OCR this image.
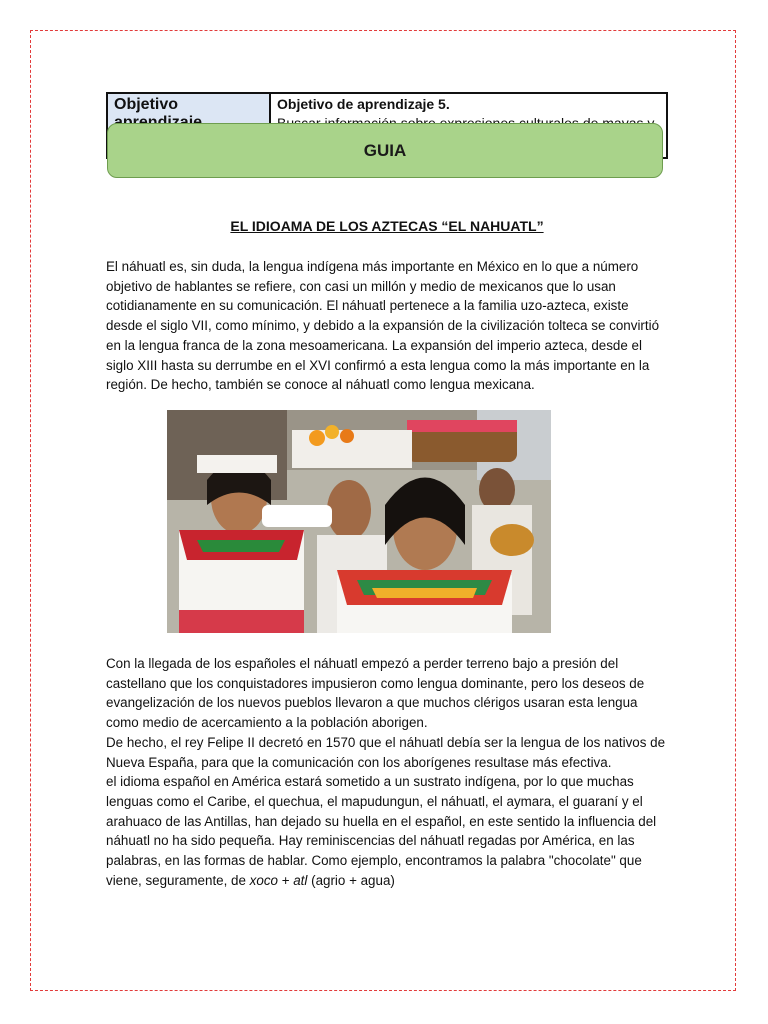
Objetivo	Objetivo de aprendizaje 5.
GUIA
EL IDIOAMA DE LOS AZTECAS “EL NAHUATL”

El náhuatl es, sin duda, la lengua indígena más importante en México en lo que a número objetivo de hablantes se refiere, con casi un millón y medio de mexicanos que lo usan cotidianamente en su comunicación. El náhuatl pertenece a la familia uzo-azteca, existe desde el siglo VII, como mínimo, y debido a la expansión de la civilización tolteca se convirtió en la lengua franca de la zona mesoamericana. La expansión del imperio azteca, desde el siglo XIII hasta su derrumbe en el XVI confirmó a esta lengua como la más importante en la región. De hecho, también se conoce al náhuatl como lengua mexicana.

Con la llegada de los españoles el náhuatl empezó a perder terreno bajo a presión del castellano que los conquistadores impusieron como lengua dominante, pero los deseos de evangelización de los nuevos pueblos llevaron a que muchos clérigos usaran esta lengua como medio de acercamiento a la población aborigen.
De hecho, el rey Felipe II decretó en 1570 que el náhuatl debía ser la lengua de los nativos de Nueva España, para que la comunicación con los aborígenes resultase más efectiva.
el idioma español en América estará sometido a un sustrato indígena, por lo que muchas lenguas como el Caribe, el quechua, el mapudungun, el náhuatl, el aymara, el guaraní y el arahuaco de las Antillas, han dejado su huella en el español, en este sentido la influencia del náhuatl no ha sido pequeña. Hay reminiscencias del náhuatl regadas por América, en las palabras, en las formas de hablar. Como ejemplo, encontramos la palabra "chocolate" que viene, seguramente, de xoco + atl (agrio + agua)
